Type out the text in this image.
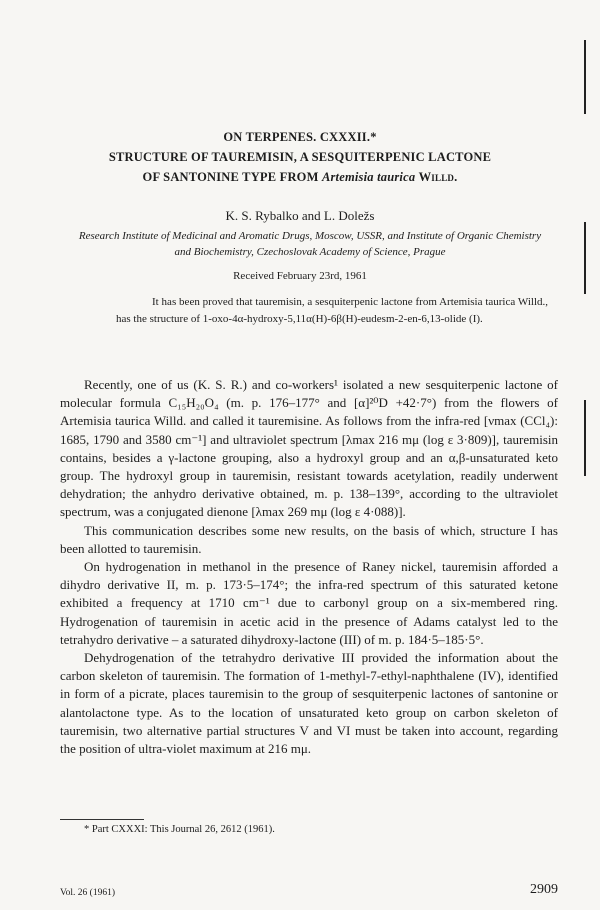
ON TERPENES. CXXXII.*
STRUCTURE OF TAUREMISIN, A SESQUITERPENIC LACTONE
OF SANTONINE TYPE FROM Artemisia taurica Willd.
K. S. Rybalko and L. Doležs
Research Institute of Medicinal and Aromatic Drugs, Moscow, USSR, and Institute of Organic Chemistry and Biochemistry, Czechoslovak Academy of Science, Prague
Received February 23rd, 1961
It has been proved that tauremisin, a sesquiterpenic lactone from Artemisia taurica Willd., has the structure of 1-oxo-4α-hydroxy-5,11α(H)-6β(H)-eudesm-2-en-6,13-olide (I).

Recently, one of us (K. S. R.) and co-workers¹ isolated a new sesquiterpenic lactone of molecular formula C₁₅H₂₀O₄ (m. p. 176–177° and [α]²⁰D +42·7°) from the flowers of Artemisia taurica Willd. and called it tauremisine. As follows from the infra-red [νmax (CCl₄): 1685, 1790 and 3580 cm⁻¹] and ultraviolet spectrum [λmax 216 mμ (log ε 3·809)], tauremisin contains, besides a γ-lactone grouping, also a hydroxyl group and an α,β-unsaturated keto group. The hydroxyl group in tauremisin, resistant towards acetylation, readily underwent dehydration; the anhydro derivative obtained, m. p. 138–139°, according to the ultraviolet spectrum, was a conjugated dienone [λmax 269 mμ (log ε 4·088)].

This communication describes some new results, on the basis of which, structure I has been allotted to tauremisin.

On hydrogenation in methanol in the presence of Raney nickel, tauremisin afforded a dihydro derivative II, m. p. 173·5–174°; the infra-red spectrum of this saturated ketone exhibited a frequency at 1710 cm⁻¹ due to carbonyl group on a six-membered ring. Hydrogenation of tauremisin in acetic acid in the presence of Adams catalyst led to the tetrahydro derivative – a saturated dihydroxy-lactone (III) of m. p. 184·5–185·5°.

Dehydrogenation of the tetrahydro derivative III provided the information about the carbon skeleton of tauremisin. The formation of 1-methyl-7-ethyl-naphthalene (IV), identified in form of a picrate, places tauremisin to the group of sesquiterpenic lactones of santonine or alantolactone type. As to the location of unsaturated keto group on carbon skeleton of tauremisin, two alternative partial structures V and VI must be taken into account, regarding the position of ultra-violet maximum at 216 mμ.

* Part CXXXI: This Journal 26, 2612 (1961).
Vol. 26 (1961)	2909
